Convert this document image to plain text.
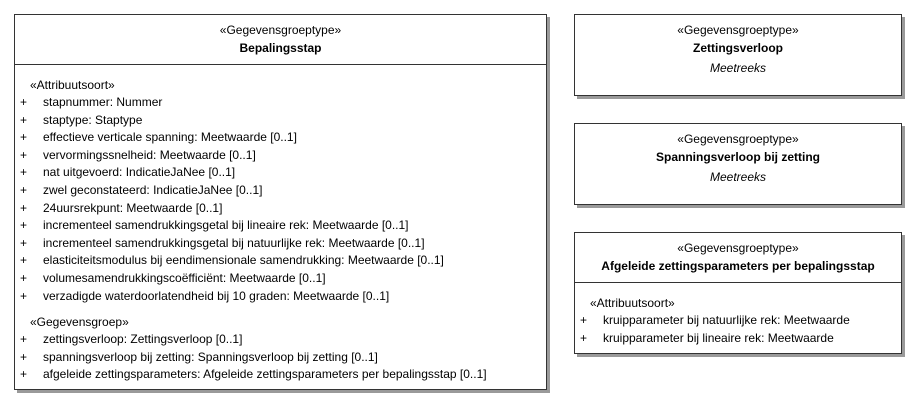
«Gegevensgroeptype»
Bepalingsstap
«Attribuutsoort»
+ stapnummer: Nummer
+ staptype: Staptype
+ effectieve verticale spanning: Meetwaarde [0..1]
+ vervormingssnelheid: Meetwaarde [0..1]
+ nat uitgevoerd: IndicatieJaNee [0..1]
+ zwel geconstateerd: IndicatieJaNee [0..1]
+ 24uursrekpunt: Meetwaarde [0..1]
+ incrementeel samendrukkingsgetal bij lineaire rek: Meetwaarde [0..1]
+ incrementeel samendrukkingsgetal bij natuurlijke rek: Meetwaarde [0..1]
+ elasticiteitsmodulus bij eendimensionale samendrukking: Meetwaarde [0..1]
+ volumesamendrukkingscoëfficiënt: Meetwaarde [0..1]
+ verzadigde waterdoorlatendheid bij 10 graden: Meetwaarde [0..1]
«Gegevensgroep»
+ zettingsverloop: Zettingsverloop [0..1]
+ spanningsverloop bij zetting: Spanningsverloop bij zetting [0..1]
+ afgeleide zettingsparameters: Afgeleide zettingsparameters per bepalingsstap [0..1]
«Gegevensgroeptype»
Zettingsverloop
Meetreeks
«Gegevensgroeptype»
Spanningsverloop bij zetting
Meetreeks
«Gegevensgroeptype»
Afgeleide zettingsparameters per bepalingsstap
«Attribuutsoort»
+ kruipparameter bij natuurlijke rek: Meetwaarde
+ kruipparameter bij lineaire rek: Meetwaarde
